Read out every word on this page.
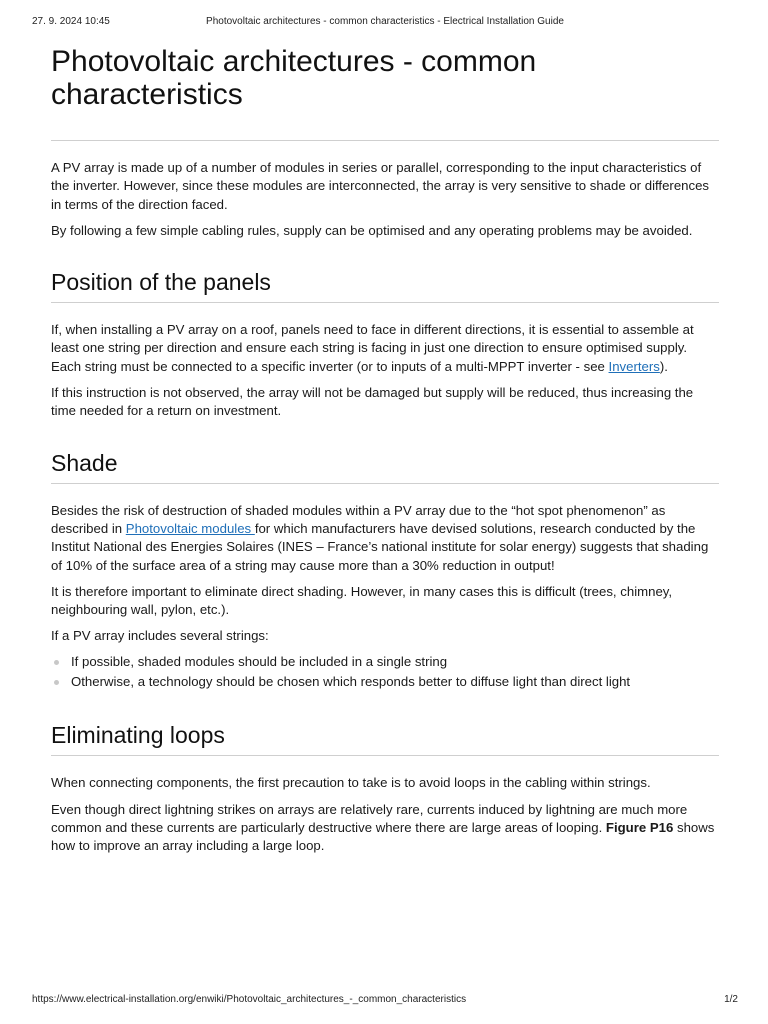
27. 9. 2024 10:45	Photovoltaic architectures - common characteristics - Electrical Installation Guide
Photovoltaic architectures - common characteristics

A PV array is made up of a number of modules in series or parallel, corresponding to the input characteristics of the inverter. However, since these modules are interconnected, the array is very sensitive to shade or differences in terms of the direction faced.

By following a few simple cabling rules, supply can be optimised and any operating problems may be avoided.

Position of the panels

If, when installing a PV array on a roof, panels need to face in different directions, it is essential to assemble at least one string per direction and ensure each string is facing in just one direction to ensure optimised supply. Each string must be connected to a specific inverter (or to inputs of a multi-MPPT inverter - see Inverters).

If this instruction is not observed, the array will not be damaged but supply will be reduced, thus increasing the time needed for a return on investment.

Shade

Besides the risk of destruction of shaded modules within a PV array due to the “hot spot phenomenon” as described in Photovoltaic modules for which manufacturers have devised solutions, research conducted by the Institut National des Energies Solaires (INES – France’s national institute for solar energy) suggests that shading of 10% of the surface area of a string may cause more than a 30% reduction in output!

It is therefore important to eliminate direct shading. However, in many cases this is difficult (trees, chimney, neighbouring wall, pylon, etc.).

If a PV array includes several strings:

If possible, shaded modules should be included in a single string
Otherwise, a technology should be chosen which responds better to diffuse light than direct light
Eliminating loops

When connecting components, the first precaution to take is to avoid loops in the cabling within strings.

Even though direct lightning strikes on arrays are relatively rare, currents induced by lightning are much more common and these currents are particularly destructive where there are large areas of looping. Figure P16 shows how to improve an array including a large loop.

https://www.electrical-installation.org/enwiki/Photovoltaic_architectures_-_common_characteristics	1/2
